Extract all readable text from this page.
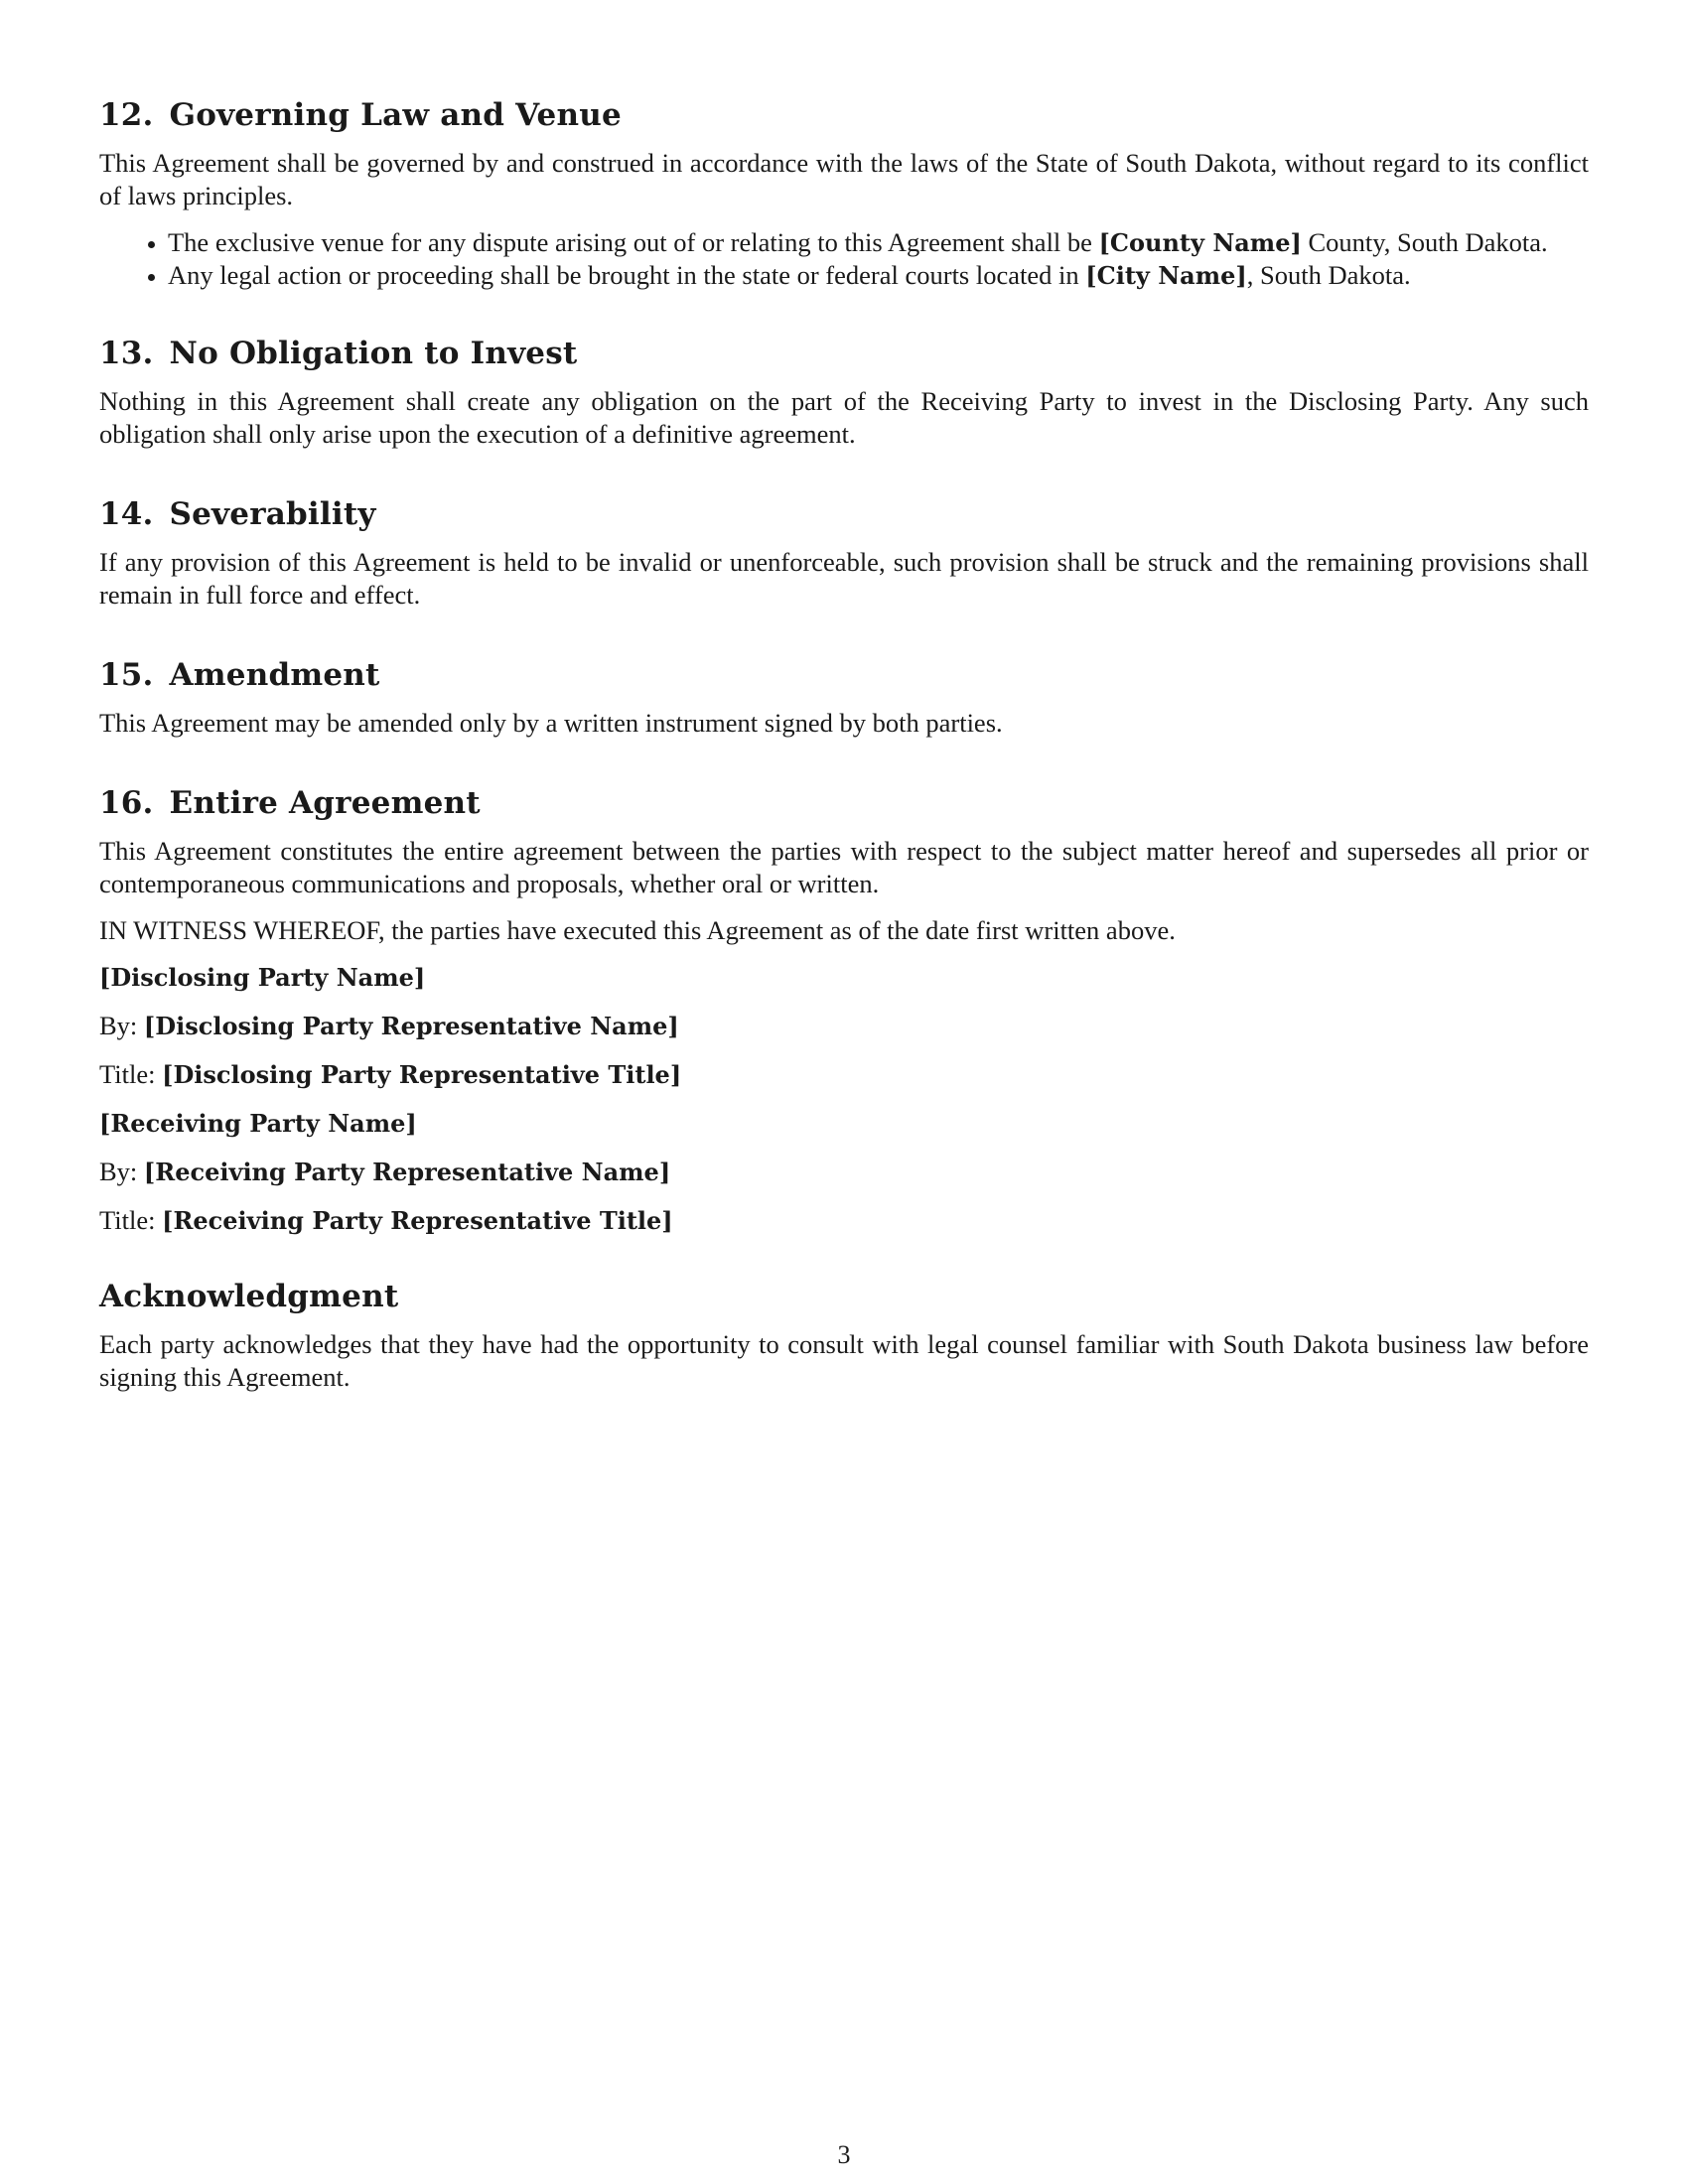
12. Governing Law and Venue

This Agreement shall be governed by and construed in accordance with the laws of the State of South Dakota, without regard to its conflict of laws principles.

• The exclusive venue for any dispute arising out of or relating to this Agreement shall be [County Name] County, South Dakota.
• Any legal action or proceeding shall be brought in the state or federal courts located in [City Name], South Dakota.
13. No Obligation to Invest

Nothing in this Agreement shall create any obligation on the part of the Receiving Party to invest in the Disclosing Party. Any such obligation shall only arise upon the execution of a definitive agreement.

14. Severability

If any provision of this Agreement is held to be invalid or unenforceable, such provision shall be struck and the remaining provisions shall remain in full force and effect.

15. Amendment

This Agreement may be amended only by a written instrument signed by both parties.

16. Entire Agreement

This Agreement constitutes the entire agreement between the parties with respect to the subject matter hereof and supersedes all prior or contemporaneous communications and proposals, whether oral or written.

IN WITNESS WHEREOF, the parties have executed this Agreement as of the date first written above.

[Disclosing Party Name]

By: [Disclosing Party Representative Name]

Title: [Disclosing Party Representative Title]

[Receiving Party Name]

By: [Receiving Party Representative Name]

Title: [Receiving Party Representative Title]

Acknowledgment

Each party acknowledges that they have had the opportunity to consult with legal counsel familiar with South Dakota business law before signing this Agreement.

3
